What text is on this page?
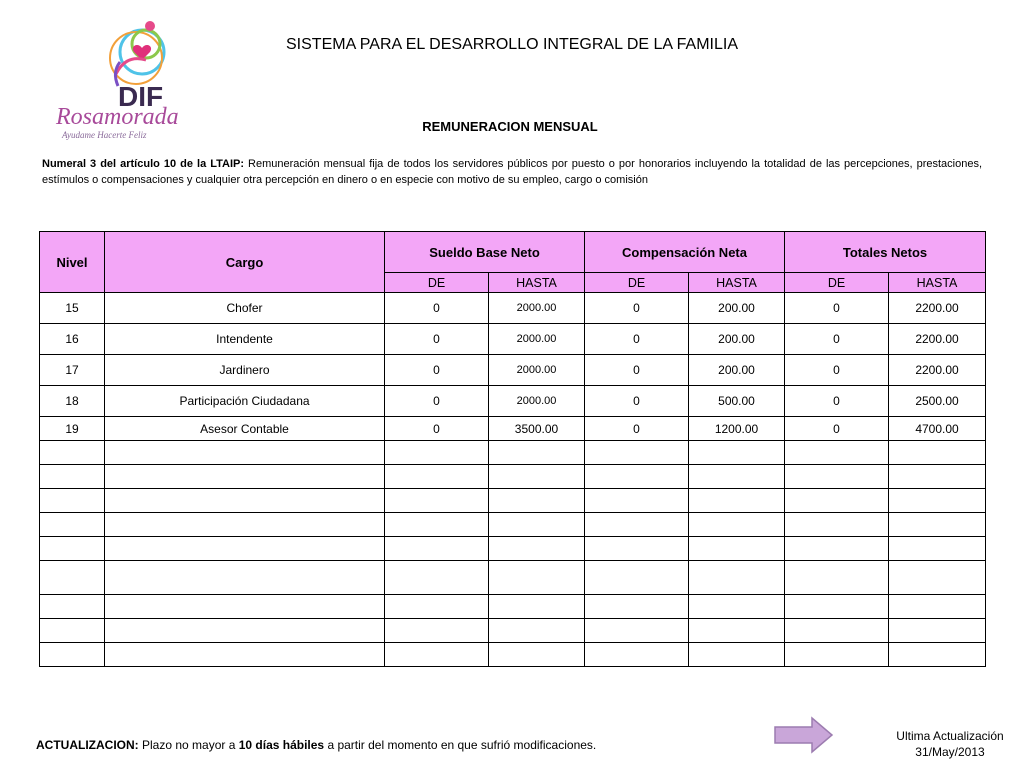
DIF
Rosamorada
Ayudame Hacerte Feliz
SISTEMA PARA EL DESARROLLO INTEGRAL DE LA FAMILIA
REMUNERACION MENSUAL
Numeral 3 del artículo 10 de la LTAIP: Remuneración mensual fija de todos los servidores públicos por puesto o por honorarios incluyendo la totalidad de las percepciones, prestaciones, estímulos o compensaciones y cualquier otra percepción en dinero o en especie con motivo de su empleo, cargo o comisión
Nivel	Cargo	Sueldo Base Neto		Compensación Neta		Totales Netos	
		DE	HASTA	DE	HASTA	DE	HASTA
15	Chofer	0	2000.00	0	200.00	0	2200.00
16	Intendente	0	2000.00	0	200.00	0	2200.00
17	Jardinero	0	2000.00	0	200.00	0	2200.00
18	Participación Ciudadana	0	2000.00	0	500.00	0	2500.00
19	Asesor Contable	0	3500.00	0	1200.00	0	4700.00

ACTUALIZACION: Plazo no mayor a 10 días hábiles a partir del momento en que sufrió modificaciones.
Ultima Actualización
31/May/2013
